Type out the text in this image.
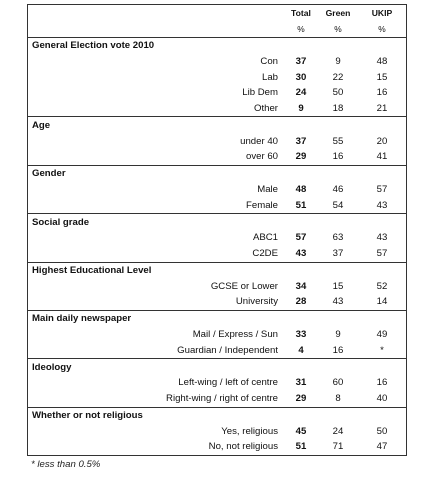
Total	Green	UKIP
%	%	%
General Election vote 2010
Con	37	9	48
Lab	30	22	15
Lib Dem	24	50	16
Other	9	18	21
Age
under 40	37	55	20
over 60	29	16	41
Gender
Male	48	46	57
Female	51	54	43
Social grade
ABC1	57	63	43
C2DE	43	37	57
Highest Educational Level
GCSE or Lower	34	15	52
University	28	43	14
Main daily newspaper
Mail / Express / Sun	33	9	49
Guardian / Independent	4	16	*
Ideology
Left-wing / left of centre	31	60	16
Right-wing / right of centre	29	8	40
Whether or not religious
Yes, religious	45	24	50
No, not religious	51	71	47
* less than 0.5%
